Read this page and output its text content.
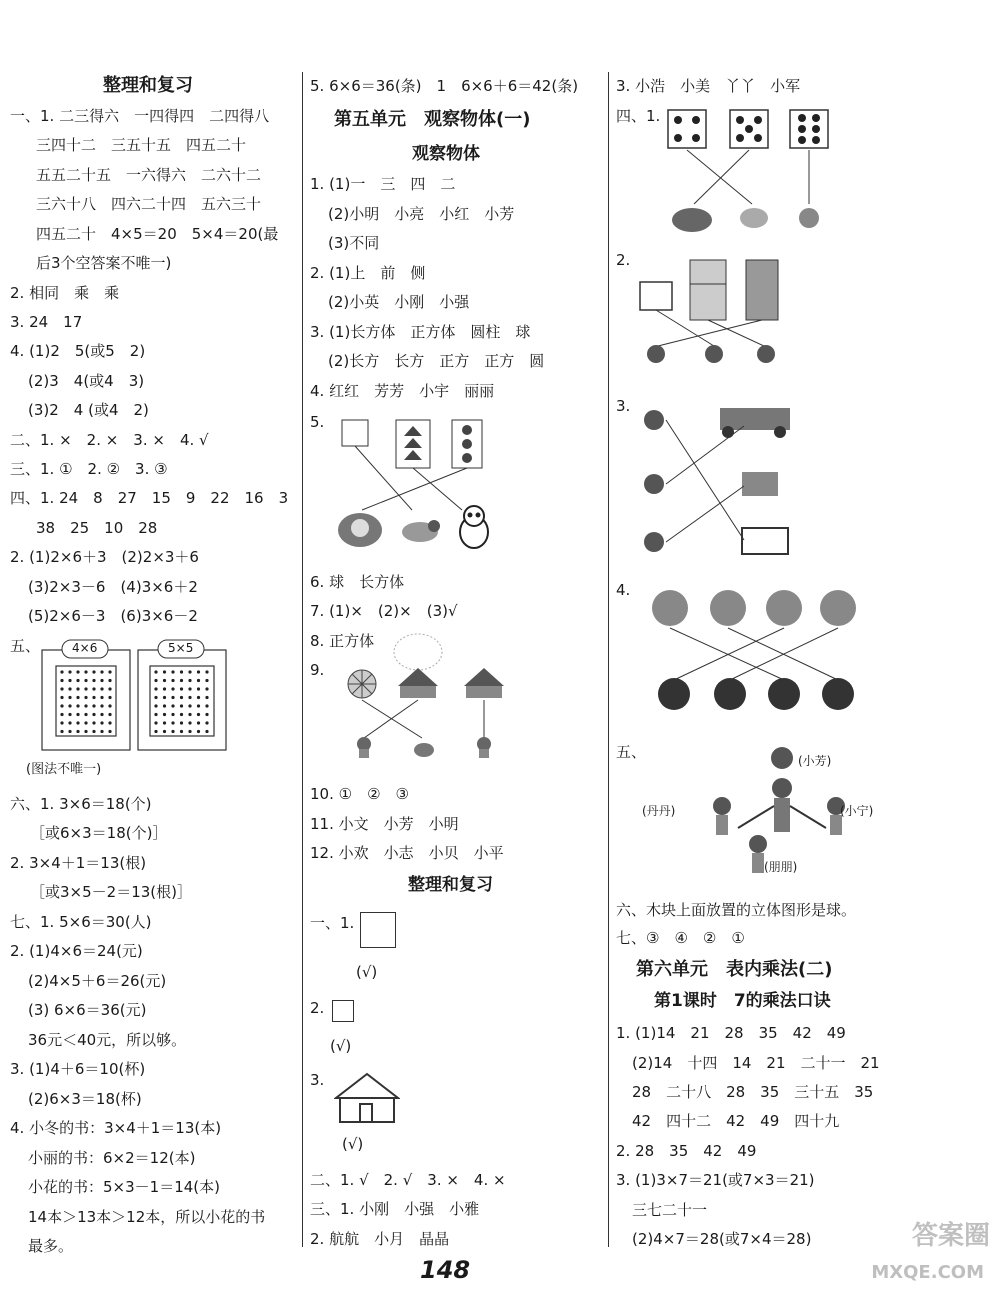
整理和复习
一、1. 二三得六　一四得四　二四得八
三四十二　三五十五　四五二十
五五二十五　一六得六　二六十二
三六十八　四六二十四　五六三十
四五二十　4×5＝20　5×4＝20(最
后3个空答案不唯一)
2. 相同　乘　乘
3. 24　17
4. (1)2　5(或5　2)
(2)3　4(或4　3)
(3)2　4 (或4　2)
二、1. ×　2. ×　3. ×　4. √
三、1. ①　2. ②　3. ③
四、1. 24　8　27　15　9　22　16　3
38　25　10　28
2. (1)2×6＋3　(2)2×3＋6
(3)2×3－6　(4)3×6＋2
(5)2×6－3　(6)3×6－2
五、	4×6	5×5
(图法不唯一)
六、1. 3×6＝18(个)
［或6×3＝18(个)］
2. 3×4＋1＝13(根)
［或3×5－2＝13(根)］
七、1. 5×6＝30(人)
2. (1)4×6＝24(元)
(2)4×5＋6＝26(元)
(3) 6×6＝36(元)
36元＜40元，所以够。
3. (1)4＋6＝10(杯)
(2)6×3＝18(杯)
4. 小冬的书：3×4＋1＝13(本)
小丽的书：6×2＝12(本)
小花的书：5×3－1＝14(本)
14本＞13本＞12本，所以小花的书
最多。
5. 6×6＝36(条)　1　6×6＋6＝42(条)
第五单元　观察物体(一)
观察物体
1. (1)一　三　四　二
(2)小明　小亮　小红　小芳
(3)不同
2. (1)上　前　侧
(2)小英　小刚　小强
3. (1)长方体　正方体　圆柱　球
(2)长方　长方　正方　正方　圆
4. 红红　芳芳　小宇　丽丽
5.
6. 球　长方体
7. (1)×　(2)×　(3)√
8. 正方体
9.
10. ①　②　③
11. 小文　小芳　小明
12. 小欢　小志　小贝　小平
整理和复习
一、1.
(√)
2.
(√)
3.
(√)
二、1. √　2. √　3. ×　4. ×
三、1. 小刚　小强　小雅
2. 航航　小月　晶晶
3. 小浩　小美　丫丫　小军
四、1.
2.
3.
4.
五、	(小芳)
(丹丹)	(小宁)
(朋朋)
六、木块上面放置的立体图形是球。
七、③　④　②　①
第六单元　表内乘法(二)
第1课时　7的乘法口诀
1. (1)14　21　28　35　42　49
(2)14　十四　14　21　二十一　21
28　二十八　28　35　三十五　35
42　四十二　42　49　四十九
2. 28　35　42　49
3. (1)3×7＝21(或7×3＝21)
三七二十一
(2)4×7＝28(或7×4＝28)
148
答案圈
MXQE.COM
